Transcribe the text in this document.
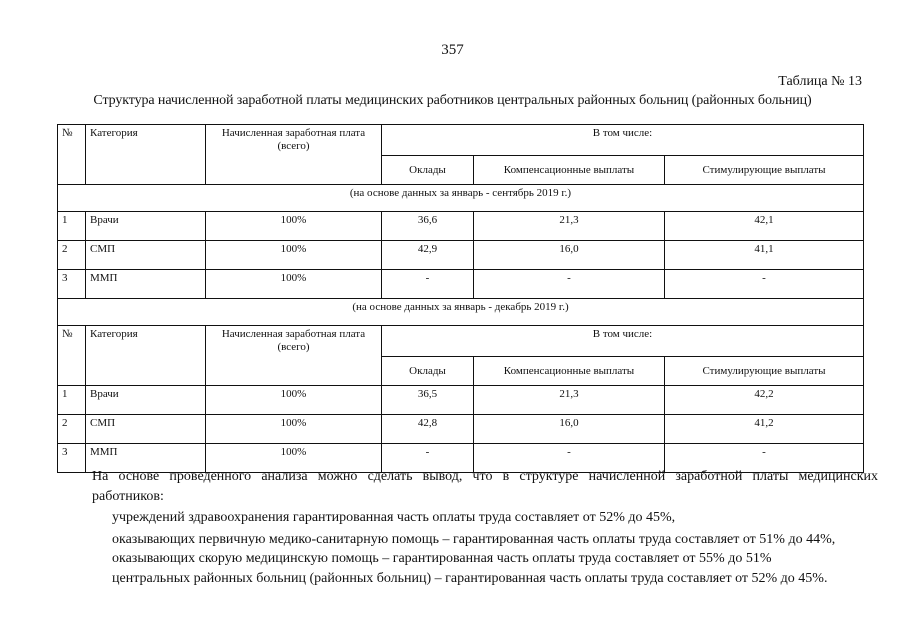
357
Таблица № 13
Структура начисленной заработной платы медицинских работников центральных районных больниц (районных больниц)
№	Категория	Начисленная заработная плата (всего)	В том числе:		
			Оклады	Компенсационные выплаты	Стимулирующие выплаты
(на основе данных за январь - сентябрь 2019 г.)					
1	Врачи	100%	36,6	21,3	42,1
2	СМП	100%	42,9	16,0	41,1
3	ММП	100%	-	-	-
(на основе данных за январь - декабрь 2019 г.)					
№	Категория	Начисленная заработная плата (всего)	В том числе:		
			Оклады	Компенсационные выплаты	Стимулирующие выплаты
1	Врачи	100%	36,5	21,3	42,2
2	СМП	100%	42,8	16,0	41,2
3	ММП	100%	-	-	-
На основе проведенного анализа можно сделать вывод, что в структуре начисленной заработной платы медицинских
работников:
учреждений здравоохранения гарантированная часть оплаты труда составляет от 52% до 45%,
оказывающих первичную медико-санитарную помощь – гарантированная часть оплаты труда составляет от 51% до 44%,
оказывающих скорую медицинскую помощь – гарантированная часть оплаты труда составляет от 55% до 51%
центральных районных больниц (районных больниц) – гарантированная часть оплаты труда составляет от 52% до 45%.
